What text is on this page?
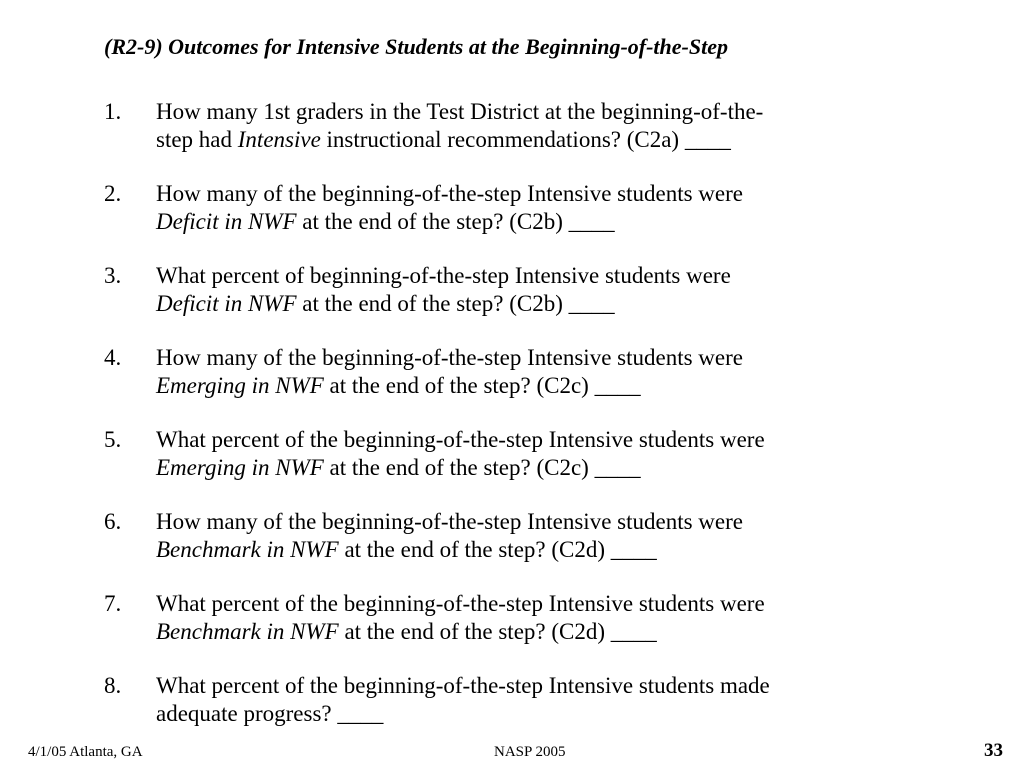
(R2-9) Outcomes for Intensive Students at the Beginning-of-the-Step
1. How many 1st graders in the Test District at the beginning-of-the-
step had Intensive instructional recommendations? (C2a) ____
2. How many of the beginning-of-the-step Intensive students were
Deficit in NWF at the end of the step? (C2b) ____
3. What percent of beginning-of-the-step Intensive students were
Deficit in NWF at the end of the step? (C2b) ____
4. How many of the beginning-of-the-step Intensive students were
Emerging in NWF at the end of the step? (C2c) ____
5. What percent of the beginning-of-the-step Intensive students were
Emerging in NWF at the end of the step? (C2c) ____
6. How many of the beginning-of-the-step Intensive students were
Benchmark in NWF at the end of the step? (C2d) ____
7. What percent of the beginning-of-the-step Intensive students were
Benchmark in NWF at the end of the step? (C2d) ____
8. What percent of the beginning-of-the-step Intensive students made
adequate progress? ____
4/1/05 Atlanta, GA	NASP 2005	33
